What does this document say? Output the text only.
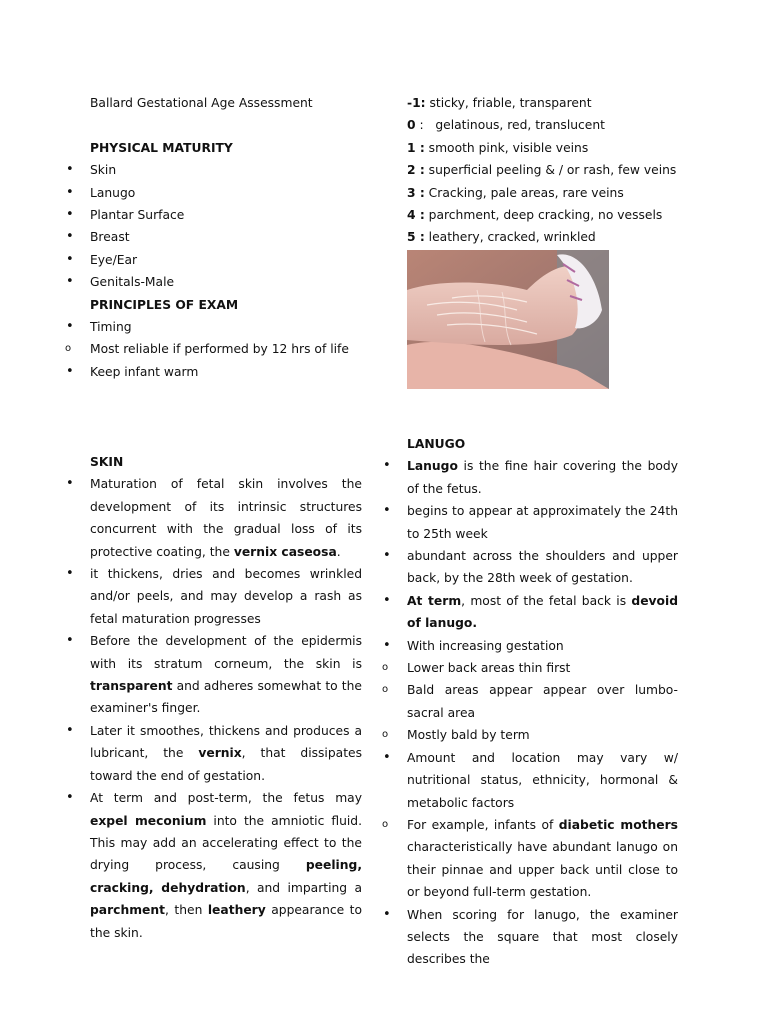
Ballard Gestational Age Assessment

PHYSICAL MATURITY
• Skin
• Lanugo
• Plantar Surface
• Breast
• Eye/Ear
• Genitals-Male
PRINCIPLES OF EXAM
• Timing
o Most reliable if performed by 12 hrs of life
• Keep infant warm
SKIN
• Maturation of fetal skin involves the development of its intrinsic structures concurrent with the gradual loss of its protective coating, the vernix caseosa.
• it thickens, dries and becomes wrinkled and/or peels, and may develop a rash as fetal maturation progresses
• Before the development of the epidermis with its stratum corneum, the skin is transparent and adheres somewhat to the examiner's finger.
• Later it smoothes, thickens and produces a lubricant, the vernix, that dissipates toward the end of gestation.
• At term and post-term, the fetus may expel meconium into the amniotic fluid. This may add an accelerating effect to the drying process, causing peeling, cracking, dehydration, and imparting a parchment, then leathery appearance to the skin.
-1: sticky, friable, transparent
0 :   gelatinous, red, translucent
1 : smooth pink, visible veins
2 : superficial peeling & / or rash, few veins
3 : Cracking, pale areas, rare veins
4 : parchment, deep cracking, no vessels
5 : leathery, cracked, wrinkled
LANUGO
• Lanugo is the fine hair covering the body of the fetus.
• begins to appear at approximately the 24th to 25th week
• abundant across the shoulders and upper back, by the 28th week of gestation.
• At term, most of the fetal back is devoid of lanugo.
• With increasing gestation
o Lower back areas thin first
o Bald areas appear appear over lumbo-sacral area
o Mostly bald by term
• Amount and location may vary w/ nutritional status, ethnicity, hormonal & metabolic factors
o For example, infants of diabetic mothers characteristically have abundant lanugo on their pinnae and upper back until close to or beyond full-term gestation.
• When scoring for lanugo, the examiner selects the square that most closely describes the
